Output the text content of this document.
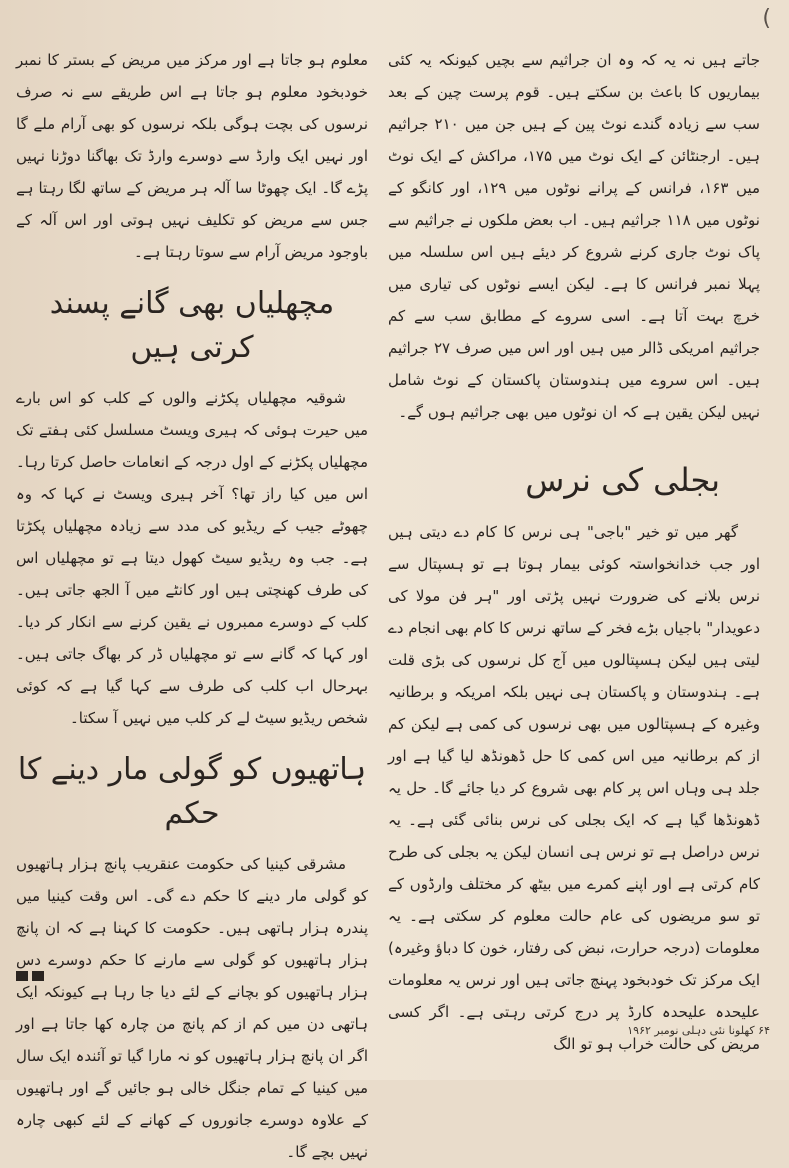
(

جاتے ہیں نہ یہ کہ وہ ان جراثیم سے بچیں کیونکہ یہ کئی بیماریوں کا باعث بن سکتے ہیں۔ قوم پرست چین کے بعد سب سے زیادہ گندے نوٹ پین کے ہیں جن میں ۲۱۰ جراثیم ہیں۔ ارجنٹائن کے ایک نوٹ میں ۱۷۵، مراکش کے ایک نوٹ میں ۱۶۳، فرانس کے پرانے نوٹوں میں ۱۲۹، اور کانگو کے نوٹوں میں ۱۱۸ جراثیم ہیں۔ اب بعض ملکوں نے جراثیم سے پاک نوٹ جاری کرنے شروع کر دیئے ہیں اس سلسلہ میں پہلا نمبر فرانس کا ہے۔ لیکن ایسے نوٹوں کی تیاری میں خرچ بہت آتا ہے۔ اسی سروے کے مطابق سب سے کم جراثیم امریکی ڈالر میں ہیں اور اس میں صرف ۲۷ جراثیم ہیں۔ اس سروے میں ہندوستان پاکستان کے نوٹ شامل نہیں لیکن یقین ہے کہ ان نوٹوں میں بھی جراثیم ہوں گے۔

بجلی کی نرس

گھر میں تو خیر "باجی" ہی نرس کا کام دے دیتی ہیں اور جب خدانخواستہ کوئی بیمار ہوتا ہے تو ہسپتال سے نرس بلانے کی ضرورت نہیں پڑتی اور "ہر فن مولا کی دعویدار" باجیاں بڑے فخر کے ساتھ نرس کا کام بھی انجام دے لیتی ہیں لیکن ہسپتالوں میں آج کل نرسوں کی بڑی قلت ہے۔ ہندوستان و پاکستان ہی نہیں بلکہ امریکہ و برطانیہ وغیرہ کے ہسپتالوں میں بھی نرسوں کی کمی ہے لیکن کم از کم برطانیہ میں اس کمی کا حل ڈھونڈھ لیا گیا ہے اور جلد ہی وہاں اس پر کام بھی شروع کر دیا جائے گا۔ حل یہ ڈھونڈھا گیا ہے کہ ایک بجلی کی نرس بنائی گئی ہے۔ یہ نرس دراصل ہے تو نرس ہی انسان لیکن یہ بجلی کی طرح کام کرتی ہے اور اپنے کمرے میں بیٹھ کر مختلف وارڈوں کے تو سو مریضوں کی عام حالت معلوم کر سکتی ہے۔ یہ معلومات (درجہ حرارت، نبض کی رفتار، خون کا دباؤ وغیرہ) ایک مرکز تک خودبخود پہنچ جاتی ہیں اور نرس یہ معلومات علیحدہ علیحدہ کارڈ پر درج کرتی رہتی ہے۔ اگر کسی مریض کی حالت خراب ہو تو الگ

معلوم ہو جاتا ہے اور مرکز میں مریض کے بستر کا نمبر خودبخود معلوم ہو جاتا ہے اس طریقے سے نہ صرف نرسوں کی بچت ہوگی بلکہ نرسوں کو بھی آرام ملے گا اور نہیں ایک وارڈ سے دوسرے وارڈ تک بھاگنا دوڑنا نہیں پڑے گا۔ ایک چھوٹا سا آلہ ہر مریض کے ساتھ لگا رہتا ہے جس سے مریض کو تکلیف نہیں ہوتی اور اس آلہ کے باوجود مریض آرام سے سوتا رہتا ہے۔

مچھلیاں بھی گانے پسند کرتی ہیں

شوقیہ مچھلیاں پکڑنے والوں کے کلب کو اس بارے میں حیرت ہوئی کہ ہیری ویسٹ مسلسل کئی ہفتے تک مچھلیاں پکڑنے کے اول درجہ کے انعامات حاصل کرتا رہا۔ اس میں کیا راز تھا؟ آخر ہیری ویسٹ نے کہا کہ وہ چھوٹے جیب کے ریڈیو کی مدد سے زیادہ مچھلیاں پکڑتا ہے۔ جب وہ ریڈیو سیٹ کھول دیتا ہے تو مچھلیاں اس کی طرف کھنچتی ہیں اور کانٹے میں آ الجھ جاتی ہیں۔ کلب کے دوسرے ممبروں نے یقین کرنے سے انکار کر دیا۔ اور کہا کہ گانے سے تو مچھلیاں ڈر کر بھاگ جاتی ہیں۔ بہرحال اب کلب کی طرف سے کہا گیا ہے کہ کوئی شخص ریڈیو سیٹ لے کر کلب میں نہیں آ سکتا۔

ہاتھیوں کو گولی مار دینے کا حکم

مشرقی کینیا کی حکومت عنقریب پانچ ہزار ہاتھیوں کو گولی مار دینے کا حکم دے گی۔ اس وقت کینیا میں پندرہ ہزار ہاتھی ہیں۔ حکومت کا کہنا ہے کہ ان پانچ ہزار ہاتھیوں کو گولی سے مارنے کا حکم دوسرے دس ہزار ہاتھیوں کو بچانے کے لئے دیا جا رہا ہے کیونکہ ایک ہاتھی دن میں کم از کم پانچ من چارہ کھا جاتا ہے اور اگر ان پانچ ہزار ہاتھیوں کو نہ مارا گیا تو آئندہ ایک سال میں کینیا کے تمام جنگل خالی ہو جائیں گے اور ہاتھیوں کے علاوہ دوسرے جانوروں کے کھانے کے لئے کبھی چارہ نہیں بچے گا۔

۶۴ کھلونا نئی دہلی نومبر ۱۹۶۲
